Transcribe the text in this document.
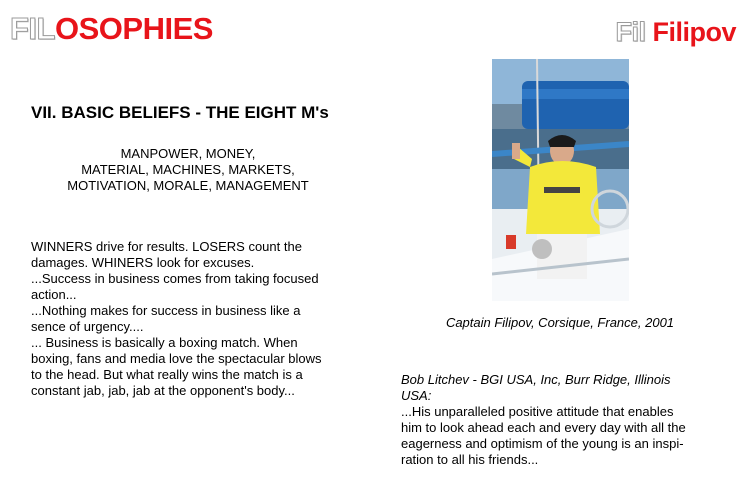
FILOSOPHIES	Fil Filipov
VII. BASIC BELIEFS - THE EIGHT M's
MANPOWER, MONEY,
MATERIAL, MACHINES, MARKETS,
MOTIVATION, MORALE, MANAGEMENT
WINNERS drive for results. LOSERS count the
damages. WHINERS look for excuses.
...Success in business comes from taking focused
action...
...Nothing makes for success in business like a
sence of urgency....
... Business is basically a boxing match. When
boxing, fans and media love the spectacular blows
to the head. But what really wins the match is a
constant jab, jab, jab at the opponent's body...
Captain Filipov, Corsique, France, 2001
Bob Litchev - BGI USA, Inc, Burr Ridge, Illinois
USA:
...His unparalleled positive attitude that enables
him to look ahead each and every day with all the
eagerness and optimism of the young is an inspi-
ration to all his friends...
